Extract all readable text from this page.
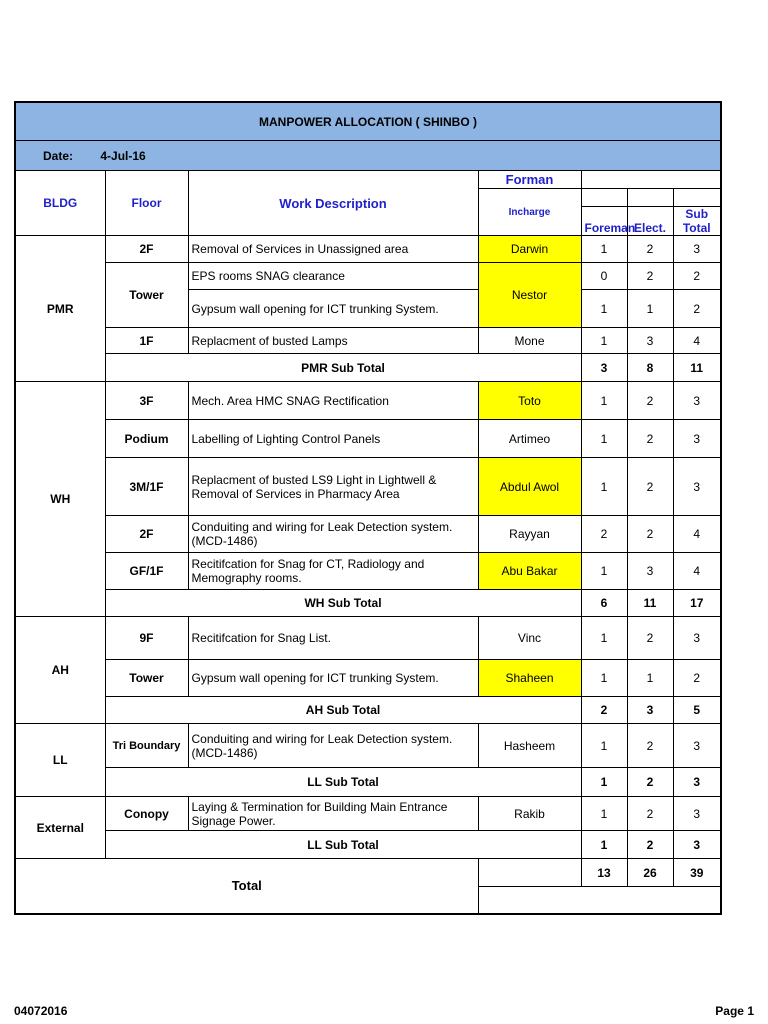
MANPOWER ALLOCATION ( SHINBO )						
Date: 4-Jul-16						
BLDG	Floor	Work Description	Forman			
			Incharge			
				Foreman	Elect.	Sub Total
PMR	2F	Removal of Services in Unassigned area	Darwin	1	2	3
	Tower	EPS rooms SNAG clearance	Nestor	0	2	2
		Gypsum wall opening for ICT trunking System.		1	1	2
	1F	Replacment of busted Lamps	Mone	1	3	4
	PMR Sub Total			3	8	11
WH	3F	Mech. Area HMC SNAG Rectification	Toto	1	2	3
	Podium	Labelling of Lighting Control Panels	Artimeo	1	2	3
	3M/1F	Replacment of busted LS9 Light in Lightwell & Removal of Services in Pharmacy Area	Abdul Awol	1	2	3
	2F	Conduiting and wiring for Leak Detection system. (MCD-1486)	Rayyan	2	2	4
	GF/1F	Recitifcation for Snag for CT, Radiology and Memography rooms.	Abu Bakar	1	3	4
	WH Sub Total			6	11	17
AH	9F	Recitifcation for Snag List.	Vinc	1	2	3
	Tower	Gypsum wall opening for ICT trunking System.	Shaheen	1	1	2
	AH Sub Total			2	3	5
LL	Tri Boundary	Conduiting and wiring for Leak Detection system. (MCD-1486)	Hasheem	1	2	3
	LL Sub Total			1	2	3
External	Conopy	Laying & Termination for Building Main Entrance Signage Power.	Rakib	1	2	3
	LL Sub Total			1	2	3
Total				13	26	39

04072016	Page 1
